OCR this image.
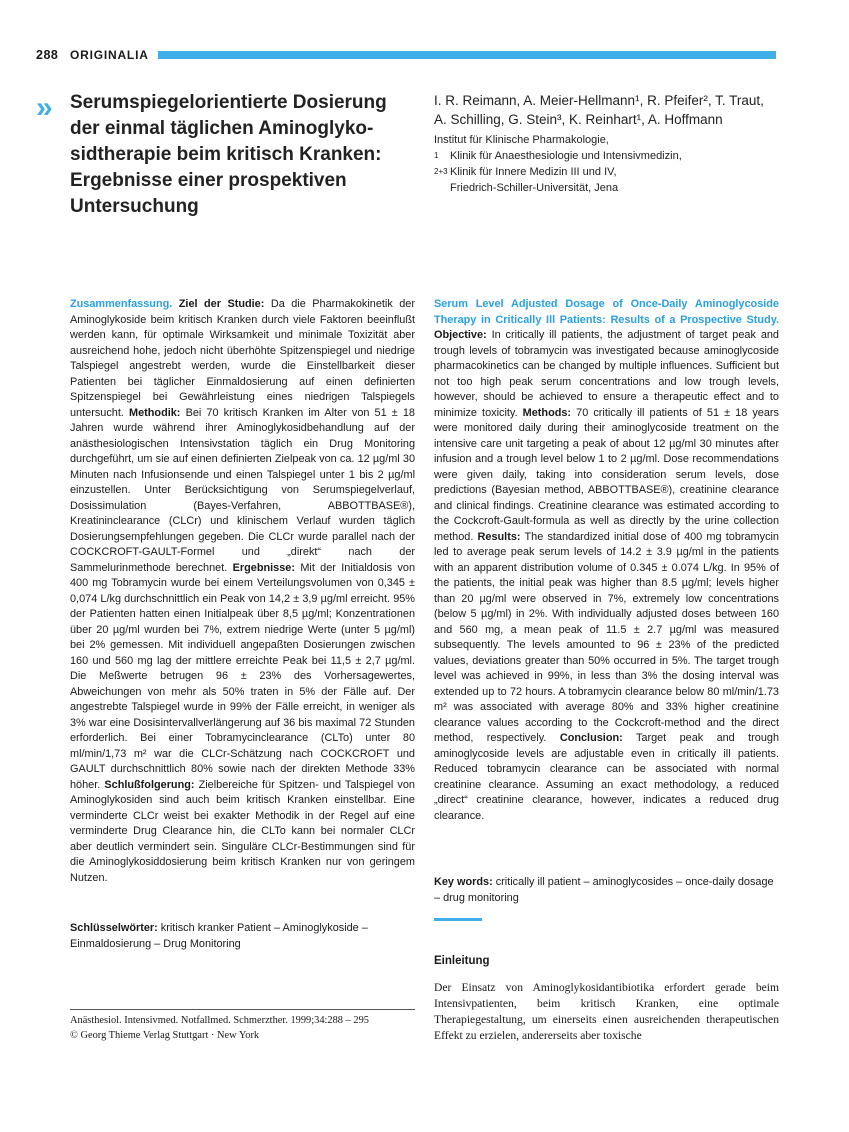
288 ORIGINALIA
» Serumspiegelorientierte Dosierung der einmal täglichen Aminoglyko-sidtherapie beim kritisch Kranken: Ergebnisse einer prospektiven Untersuchung
I. R. Reimann, A. Meier-Hellmann¹, R. Pfeifer², T. Traut,
A. Schilling, G. Stein³, K. Reinhart¹, A. Hoffmann
Institut für Klinische Pharmakologie,
1 Klinik für Anaesthesiologie und Intensivmedizin,
2+3 Klinik für Innere Medizin III und IV,
Friedrich-Schiller-Universität, Jena
Zusammenfassung. Ziel der Studie: Da die Pharmakokinetik der Aminoglykoside beim kritisch Kranken durch viele Faktoren beeinflußt werden kann, für optimale Wirksamkeit und minimale Toxizität aber ausreichend hohe, jedoch nicht überhöhte Spitzenspiegel und niedrige Talspiegel angestrebt werden, wurde die Einstellbarkeit dieser Patienten bei täglicher Einmaldosierung auf einen definierten Spitzenspiegel bei Gewährleistung eines niedrigen Talspiegels untersucht. Methodik: Bei 70 kritisch Kranken im Alter von 51 ± 18 Jahren wurde während ihrer Aminoglykosidbehandlung auf der anästhesiologischen Intensivstation täglich ein Drug Monitoring durchgeführt, um sie auf einen definierten Zielpeak von ca. 12 µg/ml 30 Minuten nach Infusionsende und einen Talspiegel unter 1 bis 2 µg/ml einzustellen. Unter Berücksichtigung von Serumspiegelverlauf, Dosissimulation (Bayes-Verfahren, ABBOTTBASE®), Kreatininclearance (CLCr) und klinischem Verlauf wurden täglich Dosierungsempfehlungen gegeben. Die CLCr wurde parallel nach der COCKCROFT-GAULT-Formel und „direkt“ nach der Sammelurinmethode berechnet. Ergebnisse: Mit der Initialdosis von 400 mg Tobramycin wurde bei einem Verteilungsvolumen von 0,345 ± 0,074 L/kg durchschnittlich ein Peak von 14,2 ± 3,9 µg/ml erreicht. 95% der Patienten hatten einen Initialpeak über 8,5 µg/ml; Konzentrationen über 20 µg/ml wurden bei 7%, extrem niedrige Werte (unter 5 µg/ml) bei 2% gemessen. Mit individuell angepaßten Dosierungen zwischen 160 und 560 mg lag der mittlere erreichte Peak bei 11,5 ± 2,7 µg/ml. Die Meßwerte betrugen 96 ± 23% des Vorhersagewertes, Abweichungen von mehr als 50% traten in 5% der Fälle auf. Der angestrebte Talspiegel wurde in 99% der Fälle erreicht, in weniger als 3% war eine Dosisintervallverlängerung auf 36 bis maximal 72 Stunden erforderlich. Bei einer Tobramycinclearance (CLTo) unter 80 ml/min/1,73 m² war die CLCr-Schätzung nach COCKCROFT und GAULT durchschnittlich 80% sowie nach der direkten Methode 33% höher. Schlußfolgerung: Zielbereiche für Spitzen- und Talspiegel von Aminoglykosiden sind auch beim kritisch Kranken einstellbar. Eine verminderte CLCr weist bei exakter Methodik in der Regel auf eine verminderte Drug Clearance hin, die CLTo kann bei normaler CLCr aber deutlich vermindert sein. Singuläre CLCr-Bestimmungen sind für die Aminoglykosiddosierung beim kritisch Kranken nur von geringem Nutzen.
Schlüsselwörter: kritisch kranker Patient – Aminoglykoside – Einmaldosierung – Drug Monitoring
Serum Level Adjusted Dosage of Once-Daily Aminoglycoside Therapy in Critically Ill Patients: Results of a Prospective Study. Objective: In critically ill patients, the adjustment of target peak and trough levels of tobramycin was investigated because aminoglycoside pharmacokinetics can be changed by multiple influences. Sufficient but not too high peak serum concentrations and low trough levels, however, should be achieved to ensure a therapeutic effect and to minimize toxicity. Methods: 70 critically ill patients of 51 ± 18 years were monitored daily during their aminoglycoside treatment on the intensive care unit targeting a peak of about 12 µg/ml 30 minutes after infusion and a trough level below 1 to 2 µg/ml. Dose recommendations were given daily, taking into consideration serum levels, dose predictions (Bayesian method, ABBOTTBASE®), creatinine clearance and clinical findings. Creatinine clearance was estimated according to the Cockcroft-Gault-formula as well as directly by the urine collection method. Results: The standardized initial dose of 400 mg tobramycin led to average peak serum levels of 14.2 ± 3.9 µg/ml in the patients with an apparent distribution volume of 0.345 ± 0.074 L/kg. In 95% of the patients, the initial peak was higher than 8.5 µg/ml; levels higher than 20 µg/ml were observed in 7%, extremely low concentrations (below 5 µg/ml) in 2%. With individually adjusted doses between 160 and 560 mg, a mean peak of 11.5 ± 2.7 µg/ml was measured subsequently. The levels amounted to 96 ± 23% of the predicted values, deviations greater than 50% occurred in 5%. The target trough level was achieved in 99%, in less than 3% the dosing interval was extended up to 72 hours. A tobramycin clearance below 80 ml/min/1.73 m² was associated with average 80% and 33% higher creatinine clearance values according to the Cockcroft-method and the direct method, respectively. Conclusion: Target peak and trough aminoglycoside levels are adjustable even in critically ill patients. Reduced tobramycin clearance can be associated with normal creatinine clearance. Assuming an exact methodology, a reduced „direct“ creatinine clearance, however, indicates a reduced drug clearance.
Key words: critically ill patient – aminoglycosides – once-daily dosage – drug monitoring
Einleitung
Der Einsatz von Aminoglykosidantibiotika erfordert gerade beim Intensivpatienten, beim kritisch Kranken, eine optimale Therapiegestaltung, um einerseits einen ausreichenden therapeutischen Effekt zu erzielen, andererseits aber toxische
Anästhesiol. Intensivmed. Notfallmed. Schmerzther. 1999;34:288 – 295
© Georg Thieme Verlag Stuttgart · New York
